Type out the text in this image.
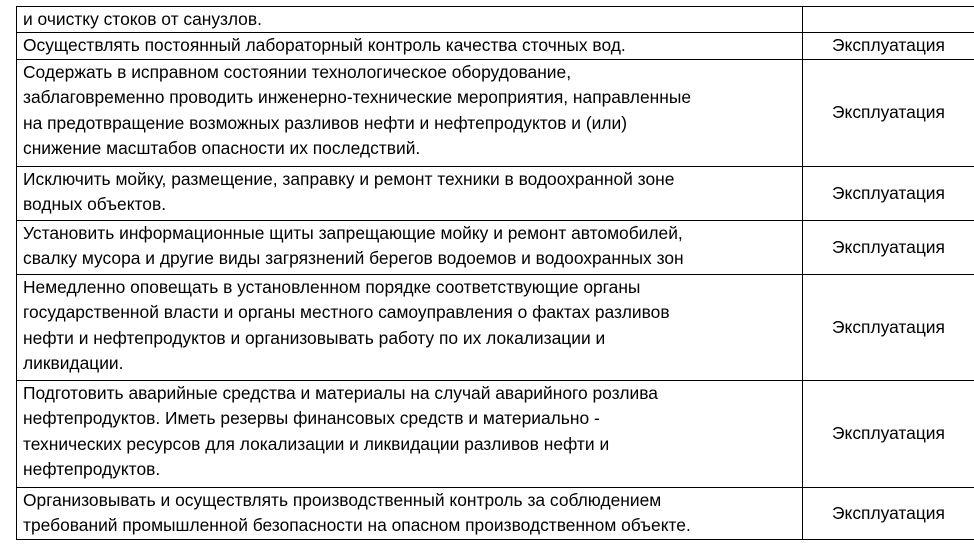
и очистку стоков от санузлов.	

Осуществлять постоянный лабораторный контроль качества сточных вод.	Эксплуатация

Содержать в исправном состоянии технологическое оборудование,
заблаговременно проводить инженерно-технические мероприятия, направленные
на предотвращение возможных разливов нефти и нефтепродуктов и (или)
снижение масштабов опасности их последствий.	Эксплуатация

Исключить мойку, размещение, заправку и ремонт техники в водоохранной зоне
водных объектов.	Эксплуатация

Установить информационные щиты запрещающие мойку и ремонт автомобилей,
свалку мусора и другие виды загрязнений берегов водоемов и водоохранных зон	Эксплуатация

Немедленно оповещать в установленном порядке соответствующие органы
государственной власти и органы местного самоуправления о фактах разливов
нефти и нефтепродуктов и организовывать работу по их локализации и
ликвидации.	Эксплуатация

Подготовить аварийные средства и материалы на случай аварийного розлива
нефтепродуктов. Иметь резервы финансовых средств и материально -
технических ресурсов для локализации и ликвидации разливов нефти и
нефтепродуктов.	Эксплуатация

Организовывать и осуществлять производственный контроль за соблюдением
требований промышленной безопасности на опасном производственном объекте.	Эксплуатация
